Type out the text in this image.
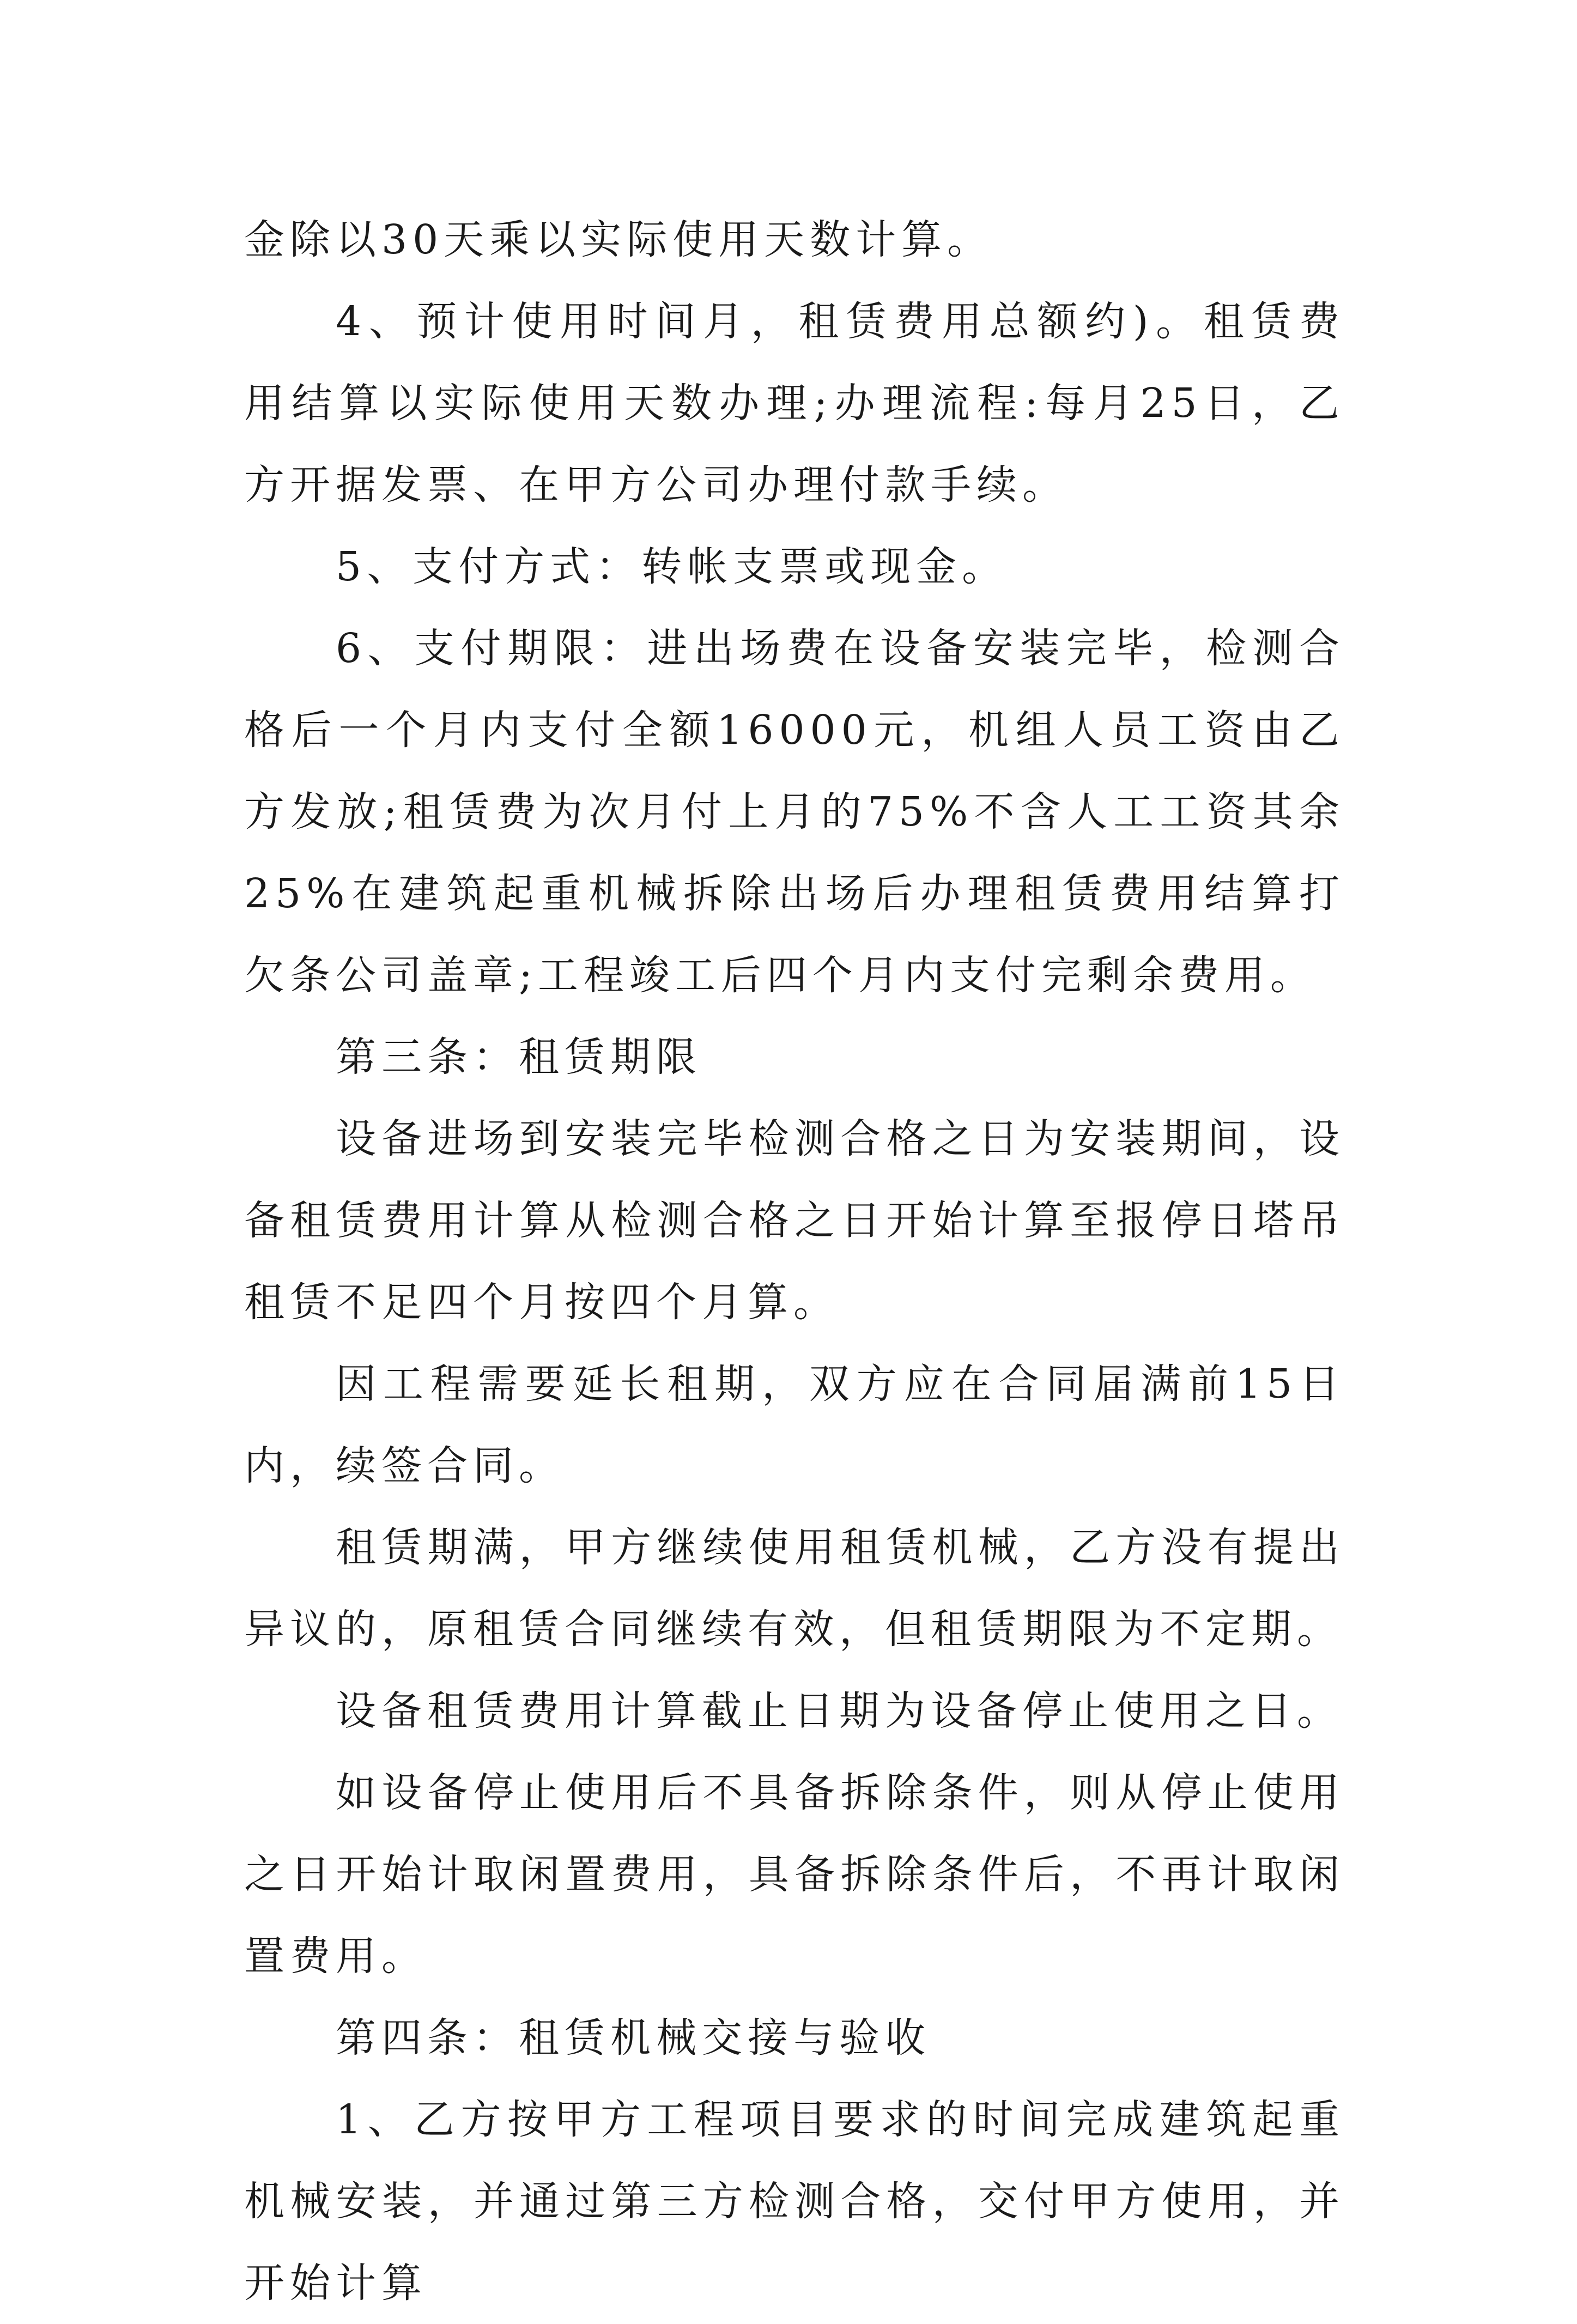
金除以30天乘以实际使用天数计算。

4、预计使用时间月，租赁费用总额约)。租赁费用结算以实际使用天数办理;办理流程:每月25日，乙方开据发票、在甲方公司办理付款手续。

5、支付方式：转帐支票或现金。

6、支付期限：进出场费在设备安装完毕，检测合格后一个月内支付全额16000元，机组人员工资由乙方发放;租赁费为次月付上月的75%不含人工工资其余25%在建筑起重机械拆除出场后办理租赁费用结算打欠条公司盖章;工程竣工后四个月内支付完剩余费用。

第三条：租赁期限

设备进场到安装完毕检测合格之日为安装期间，设备租赁费用计算从检测合格之日开始计算至报停日塔吊租赁不足四个月按四个月算。

因工程需要延长租期，双方应在合同届满前15日内，续签合同。

租赁期满，甲方继续使用租赁机械，乙方没有提出异议的，原租赁合同继续有效，但租赁期限为不定期。

设备租赁费用计算截止日期为设备停止使用之日。

如设备停止使用后不具备拆除条件，则从停止使用之日开始计取闲置费用，具备拆除条件后，不再计取闲置费用。

第四条：租赁机械交接与验收

1、乙方按甲方工程项目要求的时间完成建筑起重机械安装，并通过第三方检测合格，交付甲方使用，并开始计算
